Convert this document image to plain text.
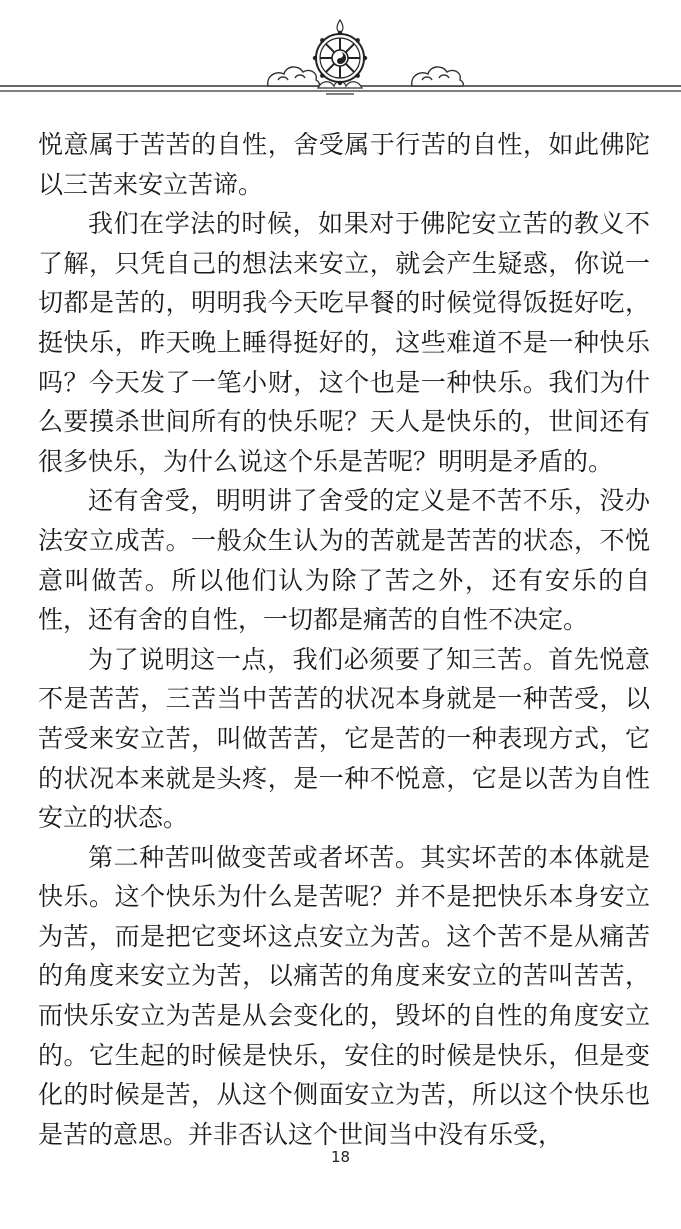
悦意属于苦苦的自性，舍受属于行苦的自性，如此佛陀以三苦来安立苦谛。

我们在学法的时候，如果对于佛陀安立苦的教义不了解，只凭自己的想法来安立，就会产生疑惑，你说一切都是苦的，明明我今天吃早餐的时候觉得饭挺好吃，挺快乐，昨天晚上睡得挺好的，这些难道不是一种快乐吗？今天发了一笔小财，这个也是一种快乐。我们为什么要摸杀世间所有的快乐呢？天人是快乐的，世间还有很多快乐，为什么说这个乐是苦呢？明明是矛盾的。

还有舍受，明明讲了舍受的定义是不苦不乐，没办法安立成苦。一般众生认为的苦就是苦苦的状态，不悦意叫做苦。所以他们认为除了苦之外，还有安乐的自性，还有舍的自性，一切都是痛苦的自性不决定。

为了说明这一点，我们必须要了知三苦。首先悦意不是苦苦，三苦当中苦苦的状况本身就是一种苦受，以苦受来安立苦，叫做苦苦，它是苦的一种表现方式，它的状况本来就是头疼，是一种不悦意，它是以苦为自性安立的状态。

第二种苦叫做变苦或者坏苦。其实坏苦的本体就是快乐。这个快乐为什么是苦呢？并不是把快乐本身安立为苦，而是把它变坏这点安立为苦。这个苦不是从痛苦的角度来安立为苦，以痛苦的角度来安立的苦叫苦苦，而快乐安立为苦是从会变化的，毁坏的自性的角度安立的。它生起的时候是快乐，安住的时候是快乐，但是变化的时候是苦，从这个侧面安立为苦，所以这个快乐也是苦的意思。并非否认这个世间当中没有乐受，

18
